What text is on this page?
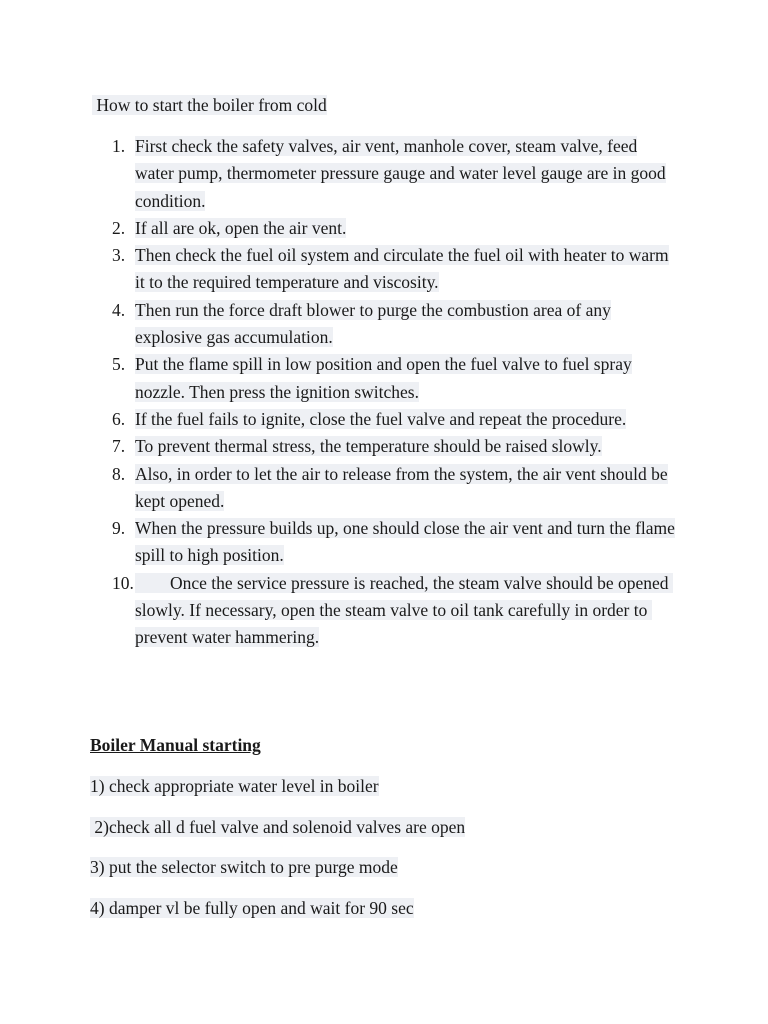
How to start the boiler from cold
1. First check the safety valves, air vent, manhole cover, steam valve, feed water pump, thermometer pressure gauge and water level gauge are in good condition.
2. If all are ok, open the air vent.
3. Then check the fuel oil system and circulate the fuel oil with heater to warm it to the required temperature and viscosity.
4. Then run the force draft blower to purge the combustion area of any explosive gas accumulation.
5. Put the flame spill in low position and open the fuel valve to fuel spray nozzle. Then press the ignition switches.
6. If the fuel fails to ignite, close the fuel valve and repeat the procedure.
7. To prevent thermal stress, the temperature should be raised slowly.
8. Also, in order to let the air to release from the system, the air vent should be kept opened.
9. When the pressure builds up, one should close the air vent and turn the flame spill to high position.
10. Once the service pressure is reached, the steam valve should be opened slowly. If necessary, open the steam valve to oil tank carefully in order to prevent water hammering.
Boiler Manual starting
1) check appropriate water level in boiler
2)check all d fuel valve and solenoid valves are open
3) put the selector switch to pre purge mode
4) damper vl be fully open and wait for 90 sec
